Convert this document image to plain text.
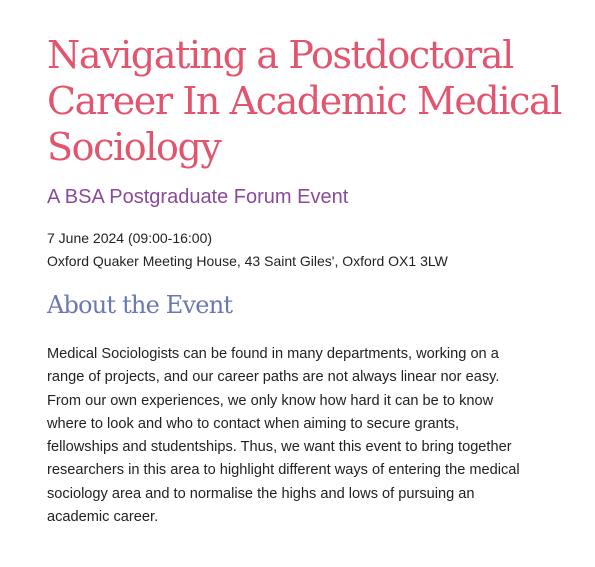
Navigating a Postdoctoral
Career In Academic Medical
Sociology
A BSA Postgraduate Forum Event
7 June 2024 (09:00-16:00)
Oxford Quaker Meeting House, 43 Saint Giles', Oxford OX1 3LW
About the Event

Medical Sociologists can be found in many departments, working on a
range of projects, and our career paths are not always linear nor easy.
From our own experiences, we only know how hard it can be to know
where to look and who to contact when aiming to secure grants,
fellowships and studentships. Thus, we want this event to bring together
researchers in this area to highlight different ways of entering the medical
sociology area and to normalise the highs and lows of pursuing an
academic career.
